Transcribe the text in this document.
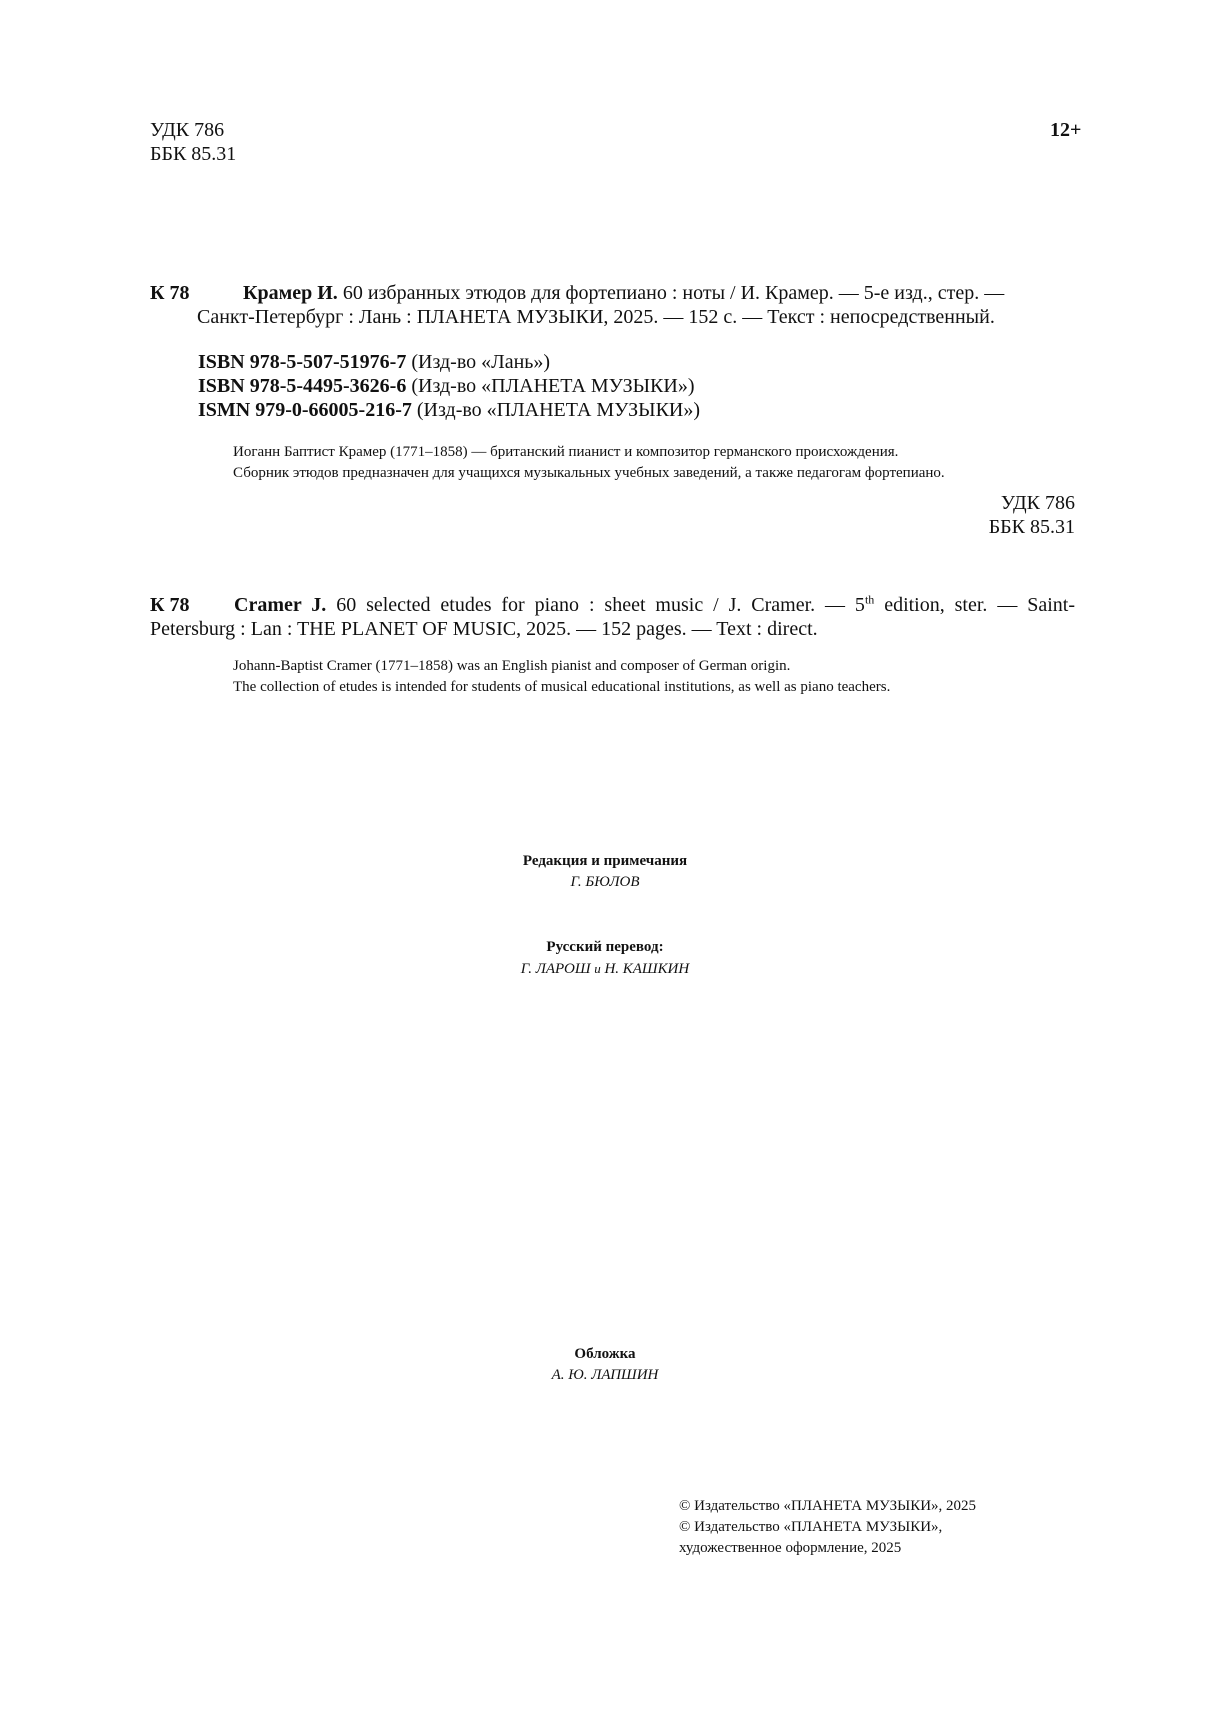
УДК 786
ББК 85.31
12+
К 78	Крамер И. 60 избранных этюдов для фортепиано : ноты / И. Крамер. — 5-е изд., стер. —
Санкт-Петербург : Лань : ПЛАНЕТА МУЗЫКИ, 2025. — 152 с. — Текст : непосредственный.
ISBN 978-5-507-51976-7 (Изд-во «Лань»)
ISBN 978-5-4495-3626-6 (Изд-во «ПЛАНЕТА МУЗЫКИ»)
ISMN 979-0-66005-216-7 (Изд-во «ПЛАНЕТА МУЗЫКИ»)
Иоганн Баптист Крамер (1771–1858) — британский пианист и композитор германского происхождения.
Сборник этюдов предназначен для учащихся музыкальных учебных заведений, а также педагогам фортепиано.
УДК 786
ББК 85.31
К 78 Cramer J. 60 selected etudes for piano : sheet music / J. Cramer. — 5th edition, ster. — Saint-
Petersburg : Lan : THE PLANET OF MUSIC, 2025. — 152 pages. — Text : direct.
Johann-Baptist Cramer (1771–1858) was an English pianist and composer of German origin.
The collection of etudes is intended for students of musical educational institutions, as well as piano teachers.
Редакция и примечания
Г. БЮЛОВ
Русский перевод:
Г. ЛАРОШ и Н. КАШКИН
Обложка
А. Ю. ЛАПШИН
© Издательство «ПЛАНЕТА МУЗЫКИ», 2025
© Издательство «ПЛАНЕТА МУЗЫКИ»,
художественное оформление, 2025
